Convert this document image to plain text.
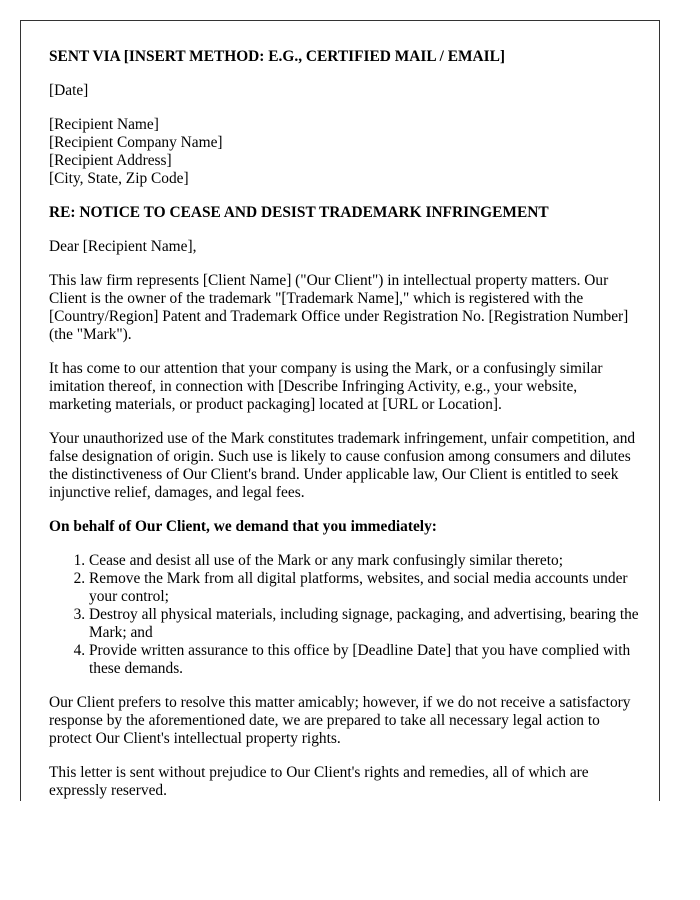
SENT VIA [INSERT METHOD: E.G., CERTIFIED MAIL / EMAIL]

[Date]

[Recipient Name]
[Recipient Company Name]
[Recipient Address]
[City, State, Zip Code]

RE: NOTICE TO CEASE AND DESIST TRADEMARK INFRINGEMENT

Dear [Recipient Name],

This law firm represents [Client Name] ("Our Client") in intellectual property matters. Our Client is the owner of the trademark "[Trademark Name]," which is registered with the [Country/Region] Patent and Trademark Office under Registration No. [Registration Number] (the "Mark").

It has come to our attention that your company is using the Mark, or a confusingly similar imitation thereof, in connection with [Describe Infringing Activity, e.g., your website, marketing materials, or product packaging] located at [URL or Location].

Your unauthorized use of the Mark constitutes trademark infringement, unfair competition, and false designation of origin. Such use is likely to cause confusion among consumers and dilutes the distinctiveness of Our Client's brand. Under applicable law, Our Client is entitled to seek injunctive relief, damages, and legal fees.

On behalf of Our Client, we demand that you immediately:

1. Cease and desist all use of the Mark or any mark confusingly similar thereto;
2. Remove the Mark from all digital platforms, websites, and social media accounts under your control;
3. Destroy all physical materials, including signage, packaging, and advertising, bearing the Mark; and
4. Provide written assurance to this office by [Deadline Date] that you have complied with these demands.

Our Client prefers to resolve this matter amicably; however, if we do not receive a satisfactory response by the aforementioned date, we are prepared to take all necessary legal action to protect Our Client's intellectual property rights.

This letter is sent without prejudice to Our Client's rights and remedies, all of which are expressly reserved.
